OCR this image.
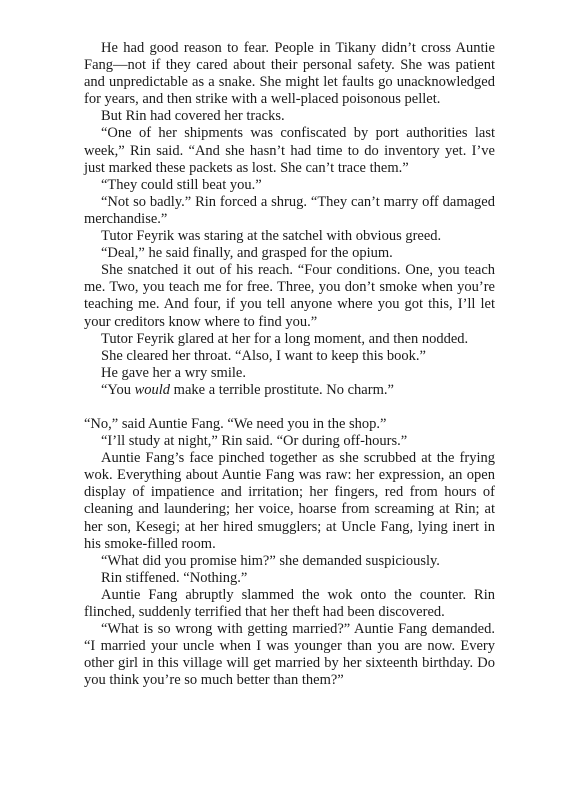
He had good reason to fear. People in Tikany didn’t cross Auntie Fang—not if they cared about their personal safety. She was patient and unpredictable as a snake. She might let faults go unacknowledged for years, and then strike with a well-placed poisonous pellet.

But Rin had covered her tracks.

“One of her shipments was confiscated by port authorities last week,” Rin said. “And she hasn’t had time to do inventory yet. I’ve just marked these packets as lost. She can’t trace them.”

“They could still beat you.”

“Not so badly.” Rin forced a shrug. “They can’t marry off damaged merchandise.”

Tutor Feyrik was staring at the satchel with obvious greed.

“Deal,” he said finally, and grasped for the opium.

She snatched it out of his reach. “Four conditions. One, you teach me. Two, you teach me for free. Three, you don’t smoke when you’re teaching me. And four, if you tell anyone where you got this, I’ll let your creditors know where to find you.”

Tutor Feyrik glared at her for a long moment, and then nodded.

She cleared her throat. “Also, I want to keep this book.”

He gave her a wry smile.

“You would make a terrible prostitute. No charm.”

“No,” said Auntie Fang. “We need you in the shop.”

“I’ll study at night,” Rin said. “Or during off-hours.”

Auntie Fang’s face pinched together as she scrubbed at the frying wok. Everything about Auntie Fang was raw: her expression, an open display of impatience and irritation; her fingers, red from hours of cleaning and laundering; her voice, hoarse from screaming at Rin; at her son, Kesegi; at her hired smugglers; at Uncle Fang, lying inert in his smoke-filled room.

“What did you promise him?” she demanded suspiciously.

Rin stiffened. “Nothing.”

Auntie Fang abruptly slammed the wok onto the counter. Rin flinched, suddenly terrified that her theft had been discovered.

“What is so wrong with getting married?” Auntie Fang demanded. “I married your uncle when I was younger than you are now. Every other girl in this village will get married by her sixteenth birthday. Do you think you’re so much better than them?”
